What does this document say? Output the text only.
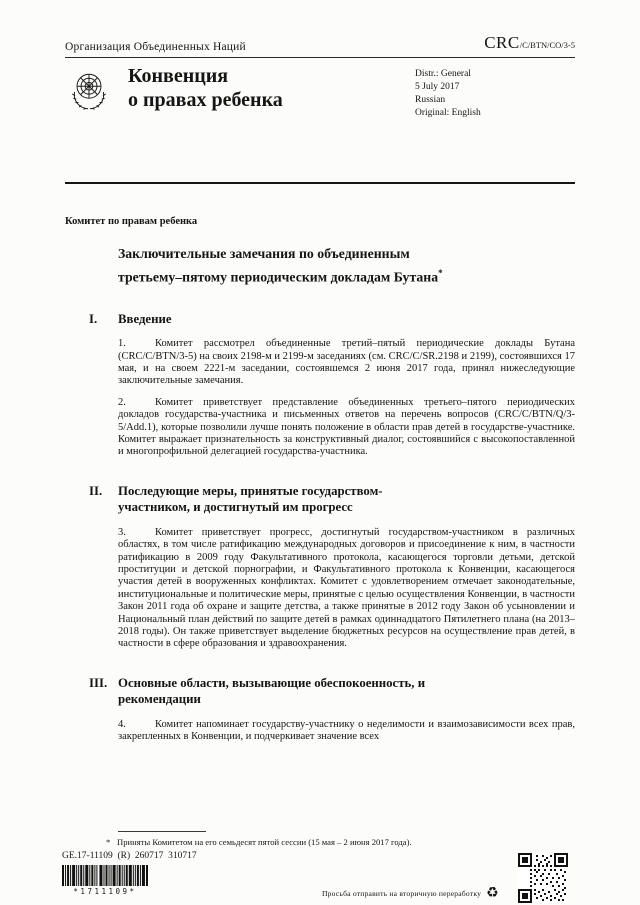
Организация Объединенных Наций	CRC/C/BTN/CO/3-5
Конвенция
о правах ребенка
Distr.: General
5 July 2017
Russian
Original: English
Комитет по правам ребенка
Заключительные замечания по объединенным третьему–пятому периодическим докладам Бутана*
I. Введение
1.	Комитет рассмотрел объединенные третий–пятый периодические доклады Бутана (CRC/C/BTN/3-5) на своих 2198-м и 2199-м заседаниях (см. CRC/C/SR.2198 и 2199), состоявшихся 17 мая, и на своем 2221-м заседании, состоявшемся 2 июня 2017 года, принял нижеследующие заключительные замечания.
2.	Комитет приветствует представление объединенных третьего–пятого периодических докладов государства-участника и письменных ответов на перечень вопросов (CRC/C/BTN/Q/3-5/Add.1), которые позволили лучше понять положение в области прав детей в государстве-участнике. Комитет выражает признательность за конструктивный диалог, состоявшийся с высокопоставленной и многопрофильной делегацией государства-участника.
II. Последующие меры, принятые государством-участником, и достигнутый им прогресс
3.	Комитет приветствует прогресс, достигнутый государством-участником в различных областях, в том числе ратификацию международных договоров и присоединение к ним, в частности ратификацию в 2009 году Факультативного протокола, касающегося торговли детьми, детской проституции и детской порнографии, и Факультативного протокола к Конвенции, касающегося участия детей в вооруженных конфликтах. Комитет с удовлетворением отмечает законодательные, институциональные и политические меры, принятые с целью осуществления Конвенции, в частности Закон 2011 года об охране и защите детства, а также принятые в 2012 году Закон об усыновлении и Национальный план действий по защите детей в рамках одиннадцатого Пятилетнего плана (на 2013–2018 годы). Он также приветствует выделение бюджетных ресурсов на осуществление прав детей, в частности в сфере образования и здравоохранения.
III. Основные области, вызывающие обеспокоенность, и рекомендации
4.	Комитет напоминает государству-участнику о неделимости и взаимозависимости всех прав, закрепленных в Конвенции, и подчеркивает значение всех
* Приняты Комитетом на его семьдесят пятой сессии (15 мая – 2 июня 2017 года).
GE.17-11109  (R)  260717  310717
*1711109*	Просьба отправить на вторичную переработку ♻
